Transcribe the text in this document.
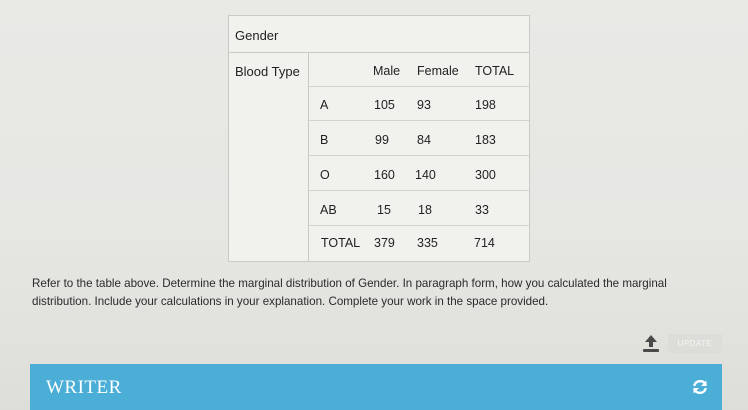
Gender
Blood Type	Male Female TOTAL
A	105 93	198
B	99 84	183
O	160 140	300
AB	15 18	33
TOTAL 379 335	714
Refer to the table above. Determine the marginal distribution of Gender. In paragraph form, how you calculated the marginal distribution. Include your calculations in your explanation. Complete your work in the space provided.
UPDATE
WRITER
